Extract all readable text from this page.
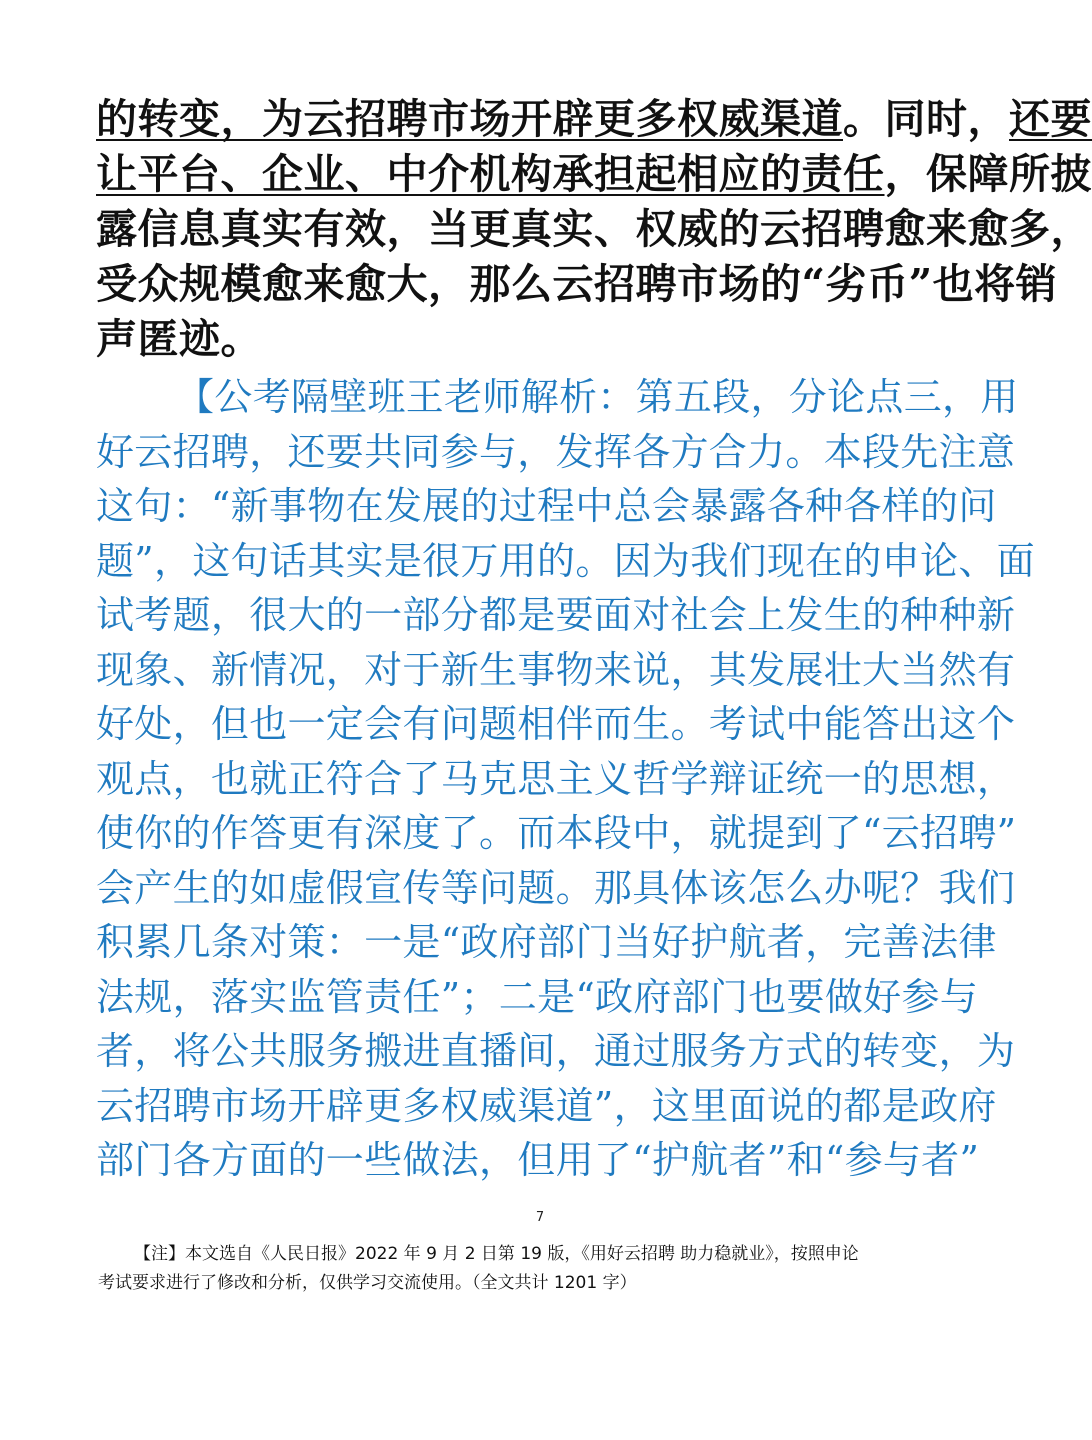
的转变，为云招聘市场开辟更多权威渠道。同时，还要
让平台、企业、中介机构承担起相应的责任，保障所披
露信息真实有效，当更真实、权威的云招聘愈来愈多，
受众规模愈来愈大，那么云招聘市场的“劣币”也将销
声匿迹。
【公考隔壁班王老师解析：第五段，分论点三，用
好云招聘，还要共同参与，发挥各方合力。本段先注意
这句：“新事物在发展的过程中总会暴露各种各样的问
题”，这句话其实是很万用的。因为我们现在的申论、面
试考题，很大的一部分都是要面对社会上发生的种种新
现象、新情况，对于新生事物来说，其发展壮大当然有
好处，但也一定会有问题相伴而生。考试中能答出这个
观点，也就正符合了马克思主义哲学辩证统一的思想，
使你的作答更有深度了。而本段中，就提到了“云招聘”
会产生的如虚假宣传等问题。那具体该怎么办呢？我们
积累几条对策：一是“政府部门当好护航者，完善法律
法规，落实监管责任”；二是“政府部门也要做好参与
者，将公共服务搬进直播间，通过服务方式的转变，为
云招聘市场开辟更多权威渠道”，这里面说的都是政府
部门各方面的一些做法，但用了“护航者”和“参与者”
7
【注】本文选自《人民日报》2022 年 9 月 2 日第 19 版，《用好云招聘 助力稳就业》，按照申论
考试要求进行了修改和分析，仅供学习交流使用。（全文共计 1201 字）
